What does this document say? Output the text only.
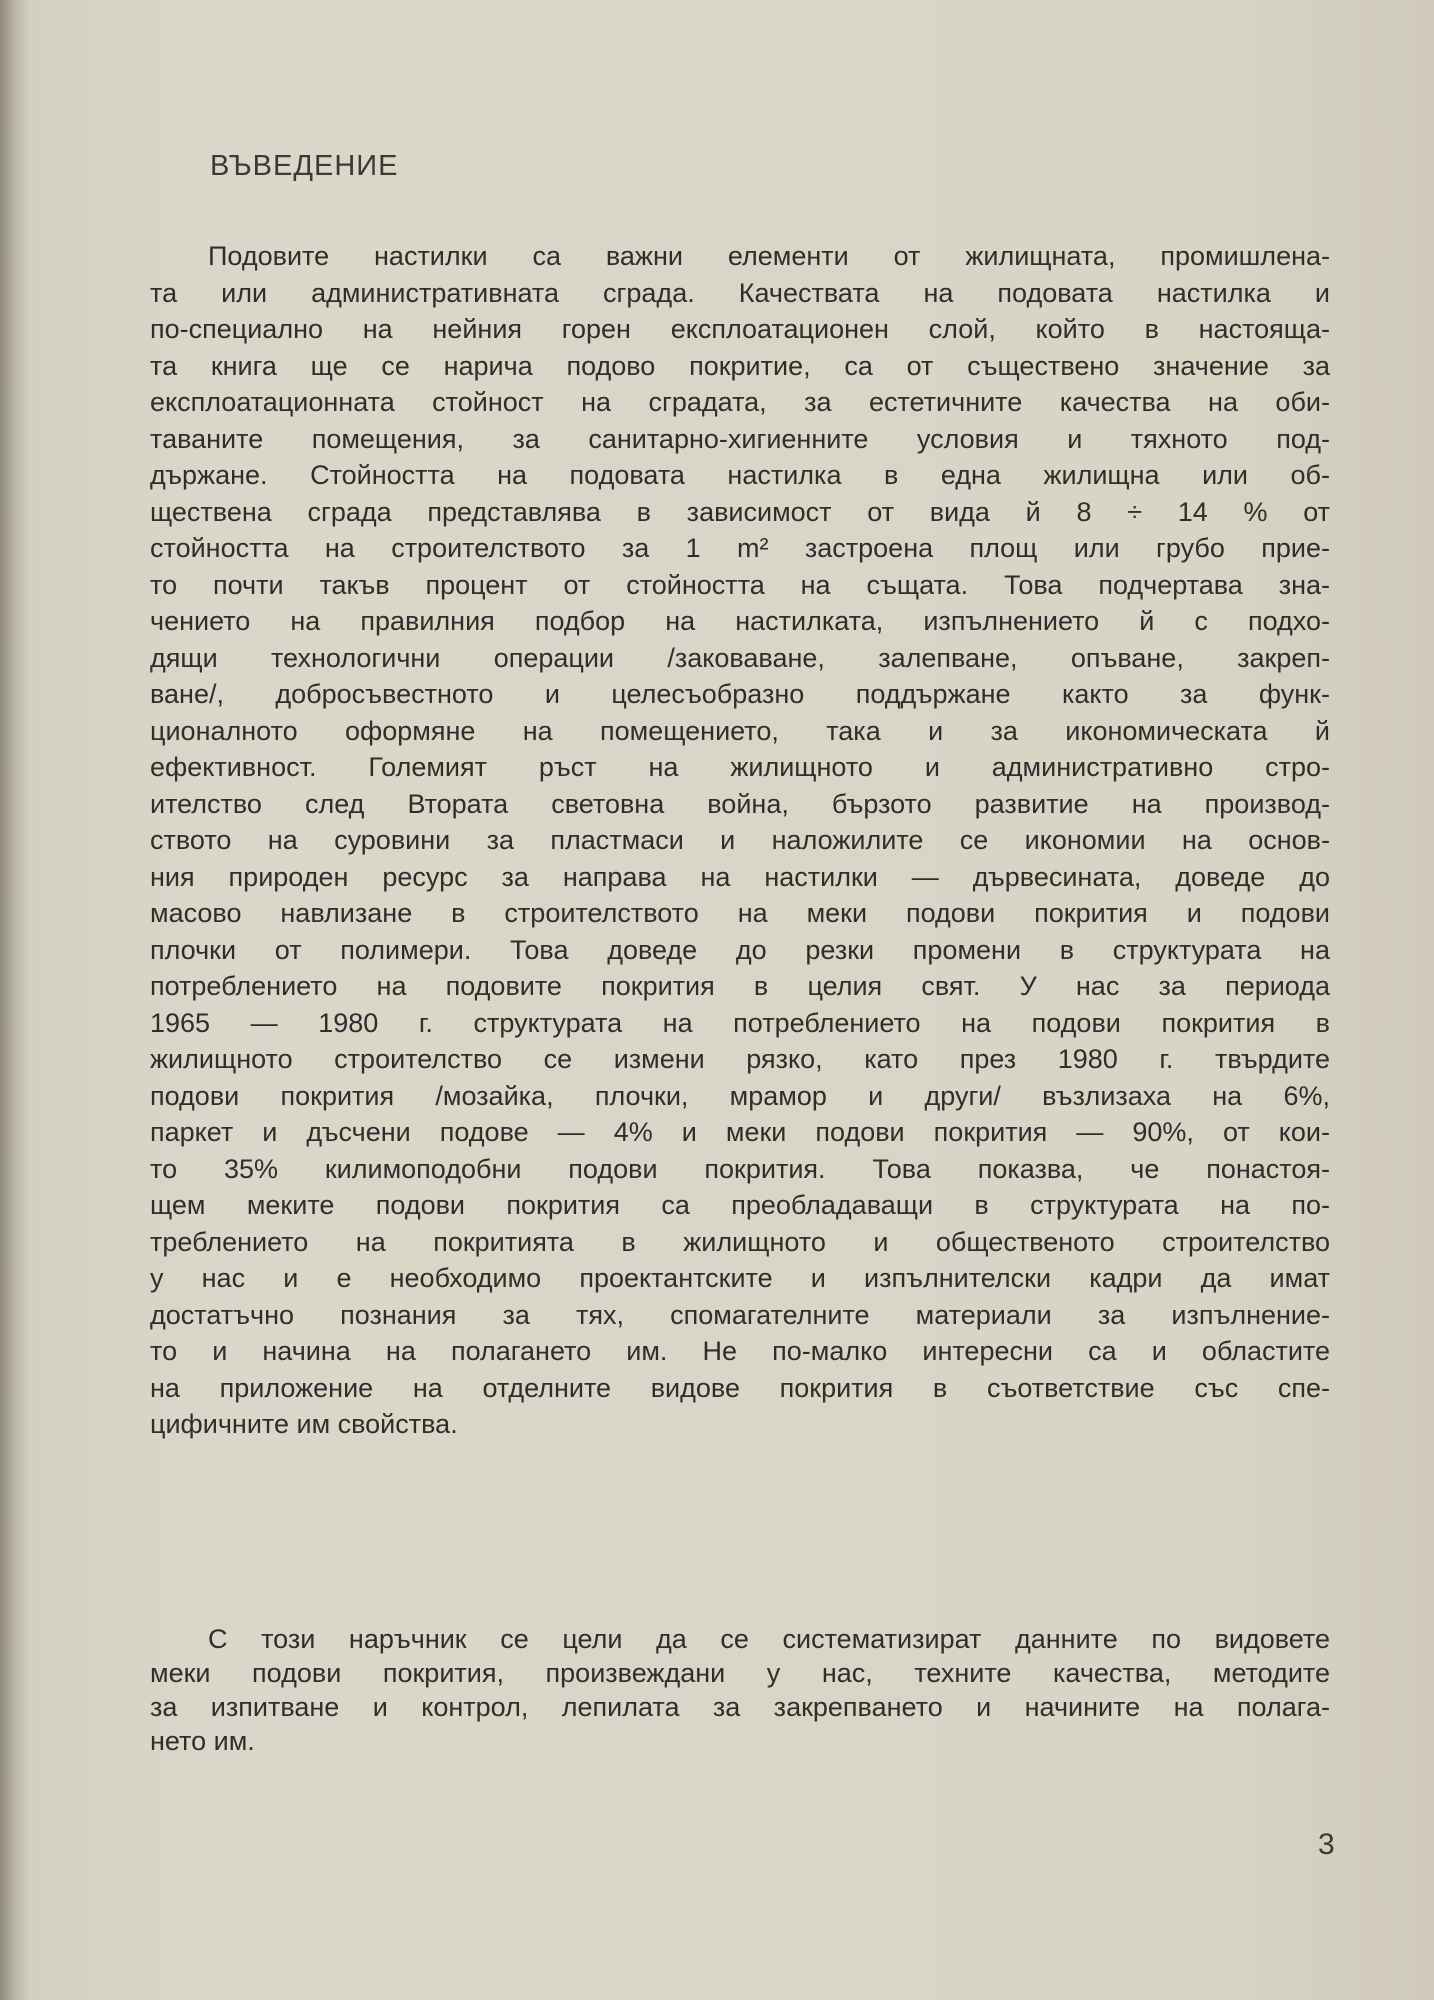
ВЪВЕДЕНИЕ
Подовите настилки са важни елементи от жилищната, промишлена-
та или административната сграда. Качествата на подовата настилка и
по-специално на нейния горен експлоатационен слой, който в настояща-
та книга ще се нарича подово покритие, са от съществено значение за
експлоатационната стойност на сградата, за естетичните качества на оби-
таваните помещения, за санитарно-хигиенните условия и тяхното под-
държане. Стойността на подовата настилка в една жилищна или об-
ществена сграда представлява в зависимост от вида й 8 ÷ 14 % от
стойността на строителството за 1 m² застроена площ или грубо прие-
то почти такъв процент от стойността на същата. Това подчертава зна-
чението на правилния подбор на настилката, изпълнението й с подхо-
дящи технологични операции /заковаване, залепване, опъване, закреп-
ване/, добросъвестното и целесъобразно поддържане както за функ-
ционалното оформяне на помещението, така и за икономическата й
ефективност. Големият ръст на жилищното и административно стро-
ителство след Втората световна война, бързото развитие на производ-
ството на суровини за пластмаси и наложилите се икономии на основ-
ния природен ресурс за направа на настилки — дървесината, доведе до
масово навлизане в строителството на меки подови покрития и подови
плочки от полимери. Това доведе до резки промени в структурата на
потреблението на подовите покрития в целия свят. У нас за периода
1965 — 1980 г. структурата на потреблението на подови покрития в
жилищното строителство се измени рязко, като през 1980 г. твърдите
подови покрития /мозайка, плочки, мрамор и други/ възлизаха на 6%,
паркет и дъсчени подове — 4% и меки подови покрития — 90%, от кои-
то 35% килимоподобни подови покрития. Това показва, че понастоя-
щем меките подови покрития са преобладаващи в структурата на по-
треблението на покритията в жилищното и общественото строителство
у нас и е необходимо проектантските и изпълнителски кадри да имат
достатъчно познания за тях, спомагателните материали за изпълнение-
то и начина на полагането им. Не по-малко интересни са и областите
на приложение на отделните видове покрития в съответствие със спе-
цифичните им свойства.
С този наръчник се цели да се систематизират данните по видовете
меки подови покрития, произвеждани у нас, техните качества, методите
за изпитване и контрол, лепилата за закрепването и начините на полага-
нето им.
3
